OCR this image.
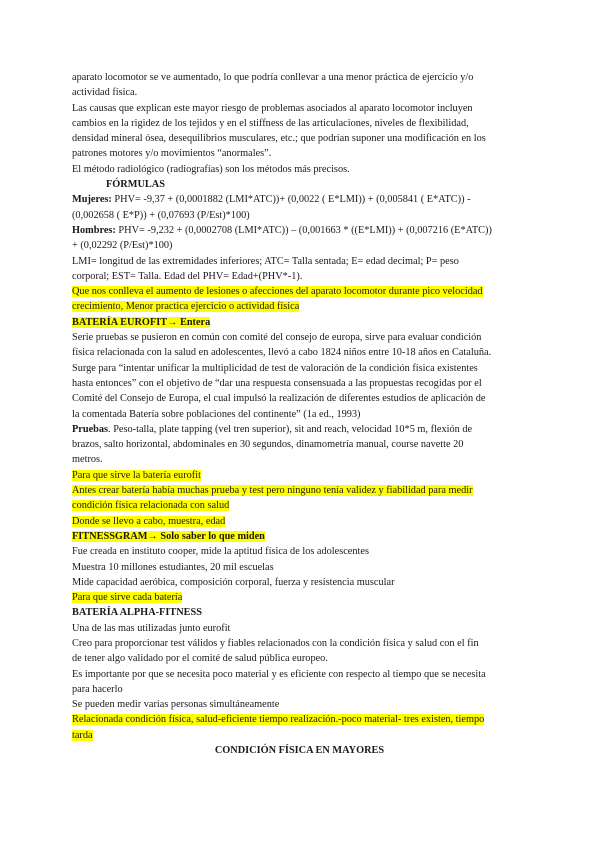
aparato locomotor se ve aumentado, lo que podría conllevar a una menor práctica de ejercicio y/o

actividad física.

Las causas que explican este mayor riesgo de problemas asociados al aparato locomotor incluyen

cambios en la rigidez de los tejidos y en el stiffness de las articulaciones, niveles de flexibilidad,

densidad mineral ósea, desequilibrios musculares, etc.; que podrían suponer una modificación en los

patrones motores y/o movimientos “anormales”.

El método radiológico (radiografías) son los métodos más precisos.

FÓRMULAS

Mujeres: PHV= -9,37 + (0,0001882 (LMI*ATC))+ (0,0022 ( E*LMI)) + (0,005841 ( E*ATC)) -

(0,002658 ( E*P)) + (0,07693 (P/Est)*100)

Hombres: PHV= -9,232 + (0,0002708 (LMI*ATC)) – (0,001663 * ((E*LMI)) + (0,007216 (E*ATC))

+ (0,02292 (P/Est)*100)

LMI= longitud de las extremidades inferiores; ATC= Talla sentada; E= edad decimal; P= peso

corporal; EST= Talla. Edad del PHV= Edad+(PHV*-1).

Que nos conlleva el aumento de lesiones o afecciones del aparato locomotor durante pico velocidad

crecimiento, Menor practica ejercicio o actividad física

BATERÍA EUROFIT→ Entera

Serie pruebas se pusieron en común con comité del consejo de europa, sirve para evaluar condición

física relacionada con la salud en adolescentes, llevó a cabo 1824 niños entre 10-18 años en Cataluña.

Surge para “intentar unificar la multiplicidad de test de valoración de la condición física existentes

hasta entonces” con el objetivo de “dar una respuesta consensuada a las propuestas recogidas por el

Comité del Consejo de Europa, el cual impulsó la realización de diferentes estudios de aplicación de

la comentada Batería sobre poblaciones del continente” (1a ed., 1993)

Pruebas. Peso-talla, plate tapping (vel tren superior), sit and reach, velocidad 10*5 m, flexión de

brazos, salto horizontal, abdominales en 30 segundos, dinamometría manual, course navette 20

metros.

Para que sirve la batería eurofit

Antes crear batería había muchas prueba y test pero ninguno tenía validez y fiabilidad para medir

condición física relacionada con salud

Donde se llevo a cabo, muestra, edad

FITNESSGRAM→ Solo saber lo que miden

Fue creada en instituto cooper, mide la aptitud física de los adolescentes

Muestra 10 millones estudiantes, 20 mil escuelas

Mide capacidad aeróbica, composición corporal, fuerza y resistencia muscular

Para que sirve cada batería

BATERÍA ALPHA-FITNESS

Una de las mas utilizadas junto eurofit

Creo para proporcionar test válidos y fiables relacionados con la condición física y salud con el fin

de tener algo validado por el comité de salud pública europeo.

Es importante por que se necesita poco material y es eficiente con respecto al tiempo que se necesita

para hacerlo

Se pueden medir varias personas simultáneamente

Relacionada condición física, salud-eficiente tiempo realización.-poco material- tres existen, tiempo

tarda

CONDICIÓN FÍSICA EN MAYORES
